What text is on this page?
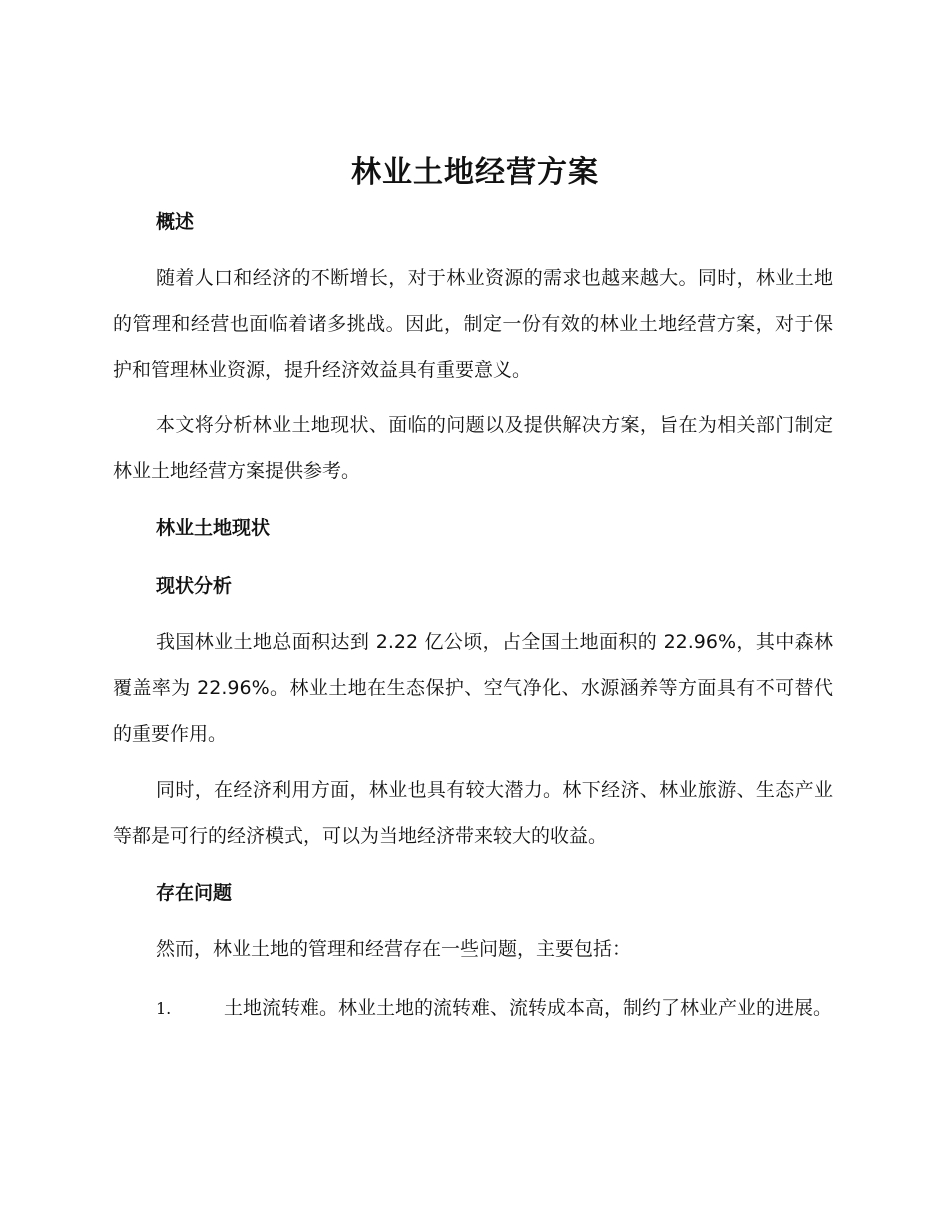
林业土地经营方案
概述
随着人口和经济的不断增长，对于林业资源的需求也越来越大。同时，林业土地的管理和经营也面临着诸多挑战。因此，制定一份有效的林业土地经营方案，对于保护和管理林业资源，提升经济效益具有重要意义。
本文将分析林业土地现状、面临的问题以及提供解决方案，旨在为相关部门制定林业土地经营方案提供参考。
林业土地现状
现状分析
我国林业土地总面积达到 2.22 亿公顷，占全国土地面积的 22.96%，其中森林覆盖率为 22.96%。林业土地在生态保护、空气净化、水源涵养等方面具有不可替代的重要作用。
同时，在经济利用方面，林业也具有较大潜力。林下经济、林业旅游、生态产业等都是可行的经济模式，可以为当地经济带来较大的收益。
存在问题
然而，林业土地的管理和经营存在一些问题，主要包括：
1.	土地流转难。林业土地的流转难、流转成本高，制约了林业产业的进展。
